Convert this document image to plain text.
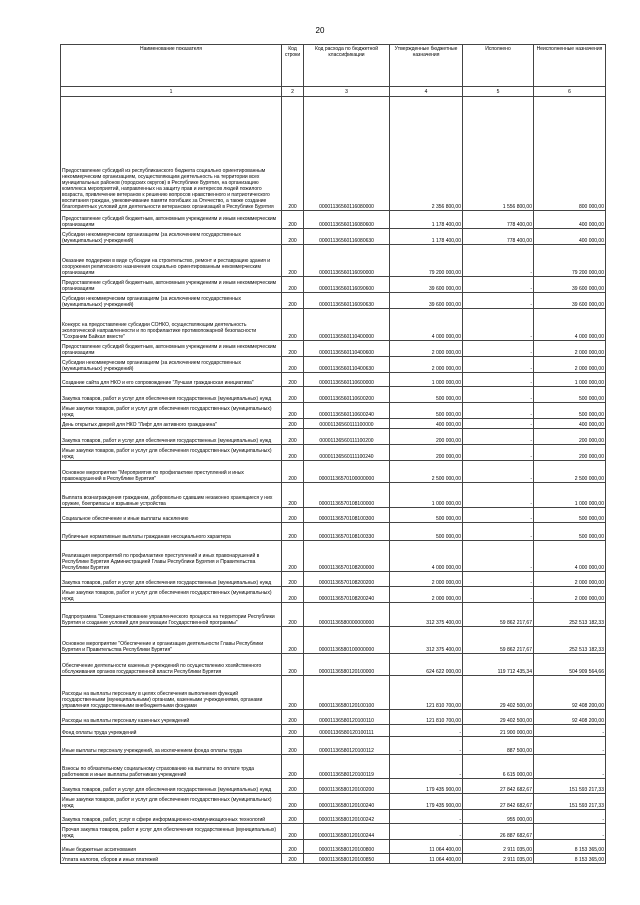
20
Наименование показателя	Код строки	Код расхода по бюджетной классификации	Утвержденные бюджетные назначения	Исполнено	Неисполненные назначения
1	2	3	4	5	6
Предоставление субсидий из республиканского бюджета социально ориентированным некоммерческим организациям, осуществляющим деятельность на территории всех муниципальных районов (городских округов) в Республике Бурятия, на организацию комплекса мероприятий, направленных на защиту прав и интересов людей пожилого возраста, привлечение ветеранов к решению вопросов нравственного и патриотического воспитания граждан, увековечивание памяти погибших за Отечество, а также создание благоприятных условий для деятельности ветеранских организаций в Республике Бурятия	200	00001136560116080000	2 356 800,00	1 556 800,00	800 000,00
Предоставление субсидий бюджетным, автономным учреждениям и иным некоммерческим организациям	200	00001136560116080600	1 178 400,00	778 400,00	400 000,00
Субсидии некоммерческим организациям (за исключением государственных (муниципальных) учреждений)	200	00001136560116080630	1 178 400,00	778 400,00	400 000,00
Оказание поддержки в виде субсидии на строительство, ремонт и реставрацию здания и сооружения религиозного назначения социально ориентированным некоммерческим организациям	200	00001136560116090000	79 200 000,00	-	79 200 000,00
Предоставление субсидий бюджетным, автономным учреждениям и иным некоммерческим организациям	200	00001136560116090600	39 600 000,00	-	39 600 000,00
Субсидии некоммерческим организациям (за исключением государственных (муниципальных) учреждений)	200	00001136560116090630	39 600 000,00	-	39 600 000,00
Конкурс на предоставление субсидии СОНКО, осуществляющим деятельность экологической направленности и по профилактике противопожарной безопасности "Сохраним Байкал вместе"	200	00001136560110400000	4 000 000,00	-	4 000 000,00
Предоставление субсидий бюджетным, автономным учреждениям и иным некоммерческим организациям	200	00001136560110400600	2 000 000,00	-	2 000 000,00
Субсидии некоммерческим организациям (за исключением государственных (муниципальных) учреждений)	200	00001136560110400630	2 000 000,00	-	2 000 000,00
Создание сайта для НКО и его сопровождение "Лучшая гражданская инициатива"	200	00001136560110600000	1 000 000,00	-	1 000 000,00
Закупка товаров, работ и услуг для обеспечения государственных (муниципальных) нужд	200	00001136560110600200	500 000,00	-	500 000,00
Иные закупки товаров, работ и услуг для обеспечения государственных (муниципальных) нужд	200	00001136560110600240	500 000,00	-	500 000,00
День открытых дверей для НКО "Лифт для активного гражданина"	200	00001136560111100000	400 000,00	-	400 000,00
Закупка товаров, работ и услуг для обеспечения государственных (муниципальных) нужд	200	00001136560111100200	200 000,00	-	200 000,00
Иные закупки товаров, работ и услуг для обеспечения государственных (муниципальных) нужд	200	00001136560111100240	200 000,00	-	200 000,00
Основное мероприятие "Мероприятия по профилактике преступлений и иных правонарушений в Республике Бурятия"	200	00001136570100000000	2 500 000,00	-	2 500 000,00
Выплата вознаграждения гражданам, добровольно сдавшим незаконно хранящиеся у них оружие, боеприпасы и взрывные устройства	200	00001136570108100000	1 000 000,00	-	1 000 000,00
Социальное обеспечение и иные выплаты населению	200	00001136570108100300	500 000,00	-	500 000,00
Публичные нормативные выплаты гражданам несоциального характера	200	00001136570108100330	500 000,00	-	500 000,00
Реализация мероприятий по профилактике преступлений и иных правонарушений в Республике Бурятия Администрацией Главы Республики Бурятия и Правительства Республики Бурятия	200	00001136570108200000	4 000 000,00	-	4 000 000,00
Закупка товаров, работ и услуг для обеспечения государственных (муниципальных) нужд	200	00001136570108200200	2 000 000,00	-	2 000 000,00
Иные закупки товаров, работ и услуг для обеспечения государственных (муниципальных) нужд	200	00001136570108200240	2 000 000,00	-	2 000 000,00
Подпрограмма "Совершенствование управленческого процесса на территории Республики Бурятия и создание условий для реализации Государственной программы"	200	00001136580000000000	312 375 400,00	59 862 217,67	252 513 182,33
Основное мероприятие "Обеспечение и организация деятельности Главы Республики Бурятия и Правительства Республики Бурятия"	200	00001136580100000000	312 375 400,00	59 862 217,67	252 513 182,33
Обеспечение деятельности казенных учреждений по осуществлению хозяйственного обслуживания органов государственной власти Республики Бурятия	200	00001136580120100000	624 622 000,00	119 712 435,34	504 909 564,66
Расходы на выплаты персоналу в целях обеспечения выполнения функций государственными (муниципальными) органами, казенными учреждениями, органами управления государственными внебюджетными фондами	200	00001136580120100100	121 810 700,00	29 402 500,00	92 408 200,00
Расходы на выплаты персоналу казенных учреждений	200	00001136580120100110	121 810 700,00	29 402 500,00	92 408 200,00
Фонд оплаты труда учреждений	200	00001136580120100111	-	21 900 000,00	-
Иные выплаты персоналу учреждений, за исключением фонда оплаты труда	200	00001136580120100112	-	887 500,00	-
Взносы по обязательному социальному страхованию на выплаты по оплате труда работников и иные выплаты работникам учреждений	200	00001136580120100119	-	6 615 000,00	-
Закупка товаров, работ и услуг для обеспечения государственных (муниципальных) нужд	200	00001136580120100200	179 435 900,00	27 842 682,67	151 593 217,33
Иные закупки товаров, работ и услуг для обеспечения государственных (муниципальных) нужд	200	00001136580120100240	179 435 900,00	27 842 682,67	151 593 217,33
Закупка товаров, работ, услуг в сфере информационно-коммуникационных технологий	200	00001136580120100242	-	955 000,00	-
Прочая закупка товаров, работ и услуг для обеспечения государственных (муниципальных) нужд	200	00001136580120100244	-	26 887 682,67	-
Иные бюджетные ассигнования	200	00001136580120100800	11 064 400,00	2 911 035,00	8 153 365,00
Уплата налогов, сборов и иных платежей	200	00001136580120100850	11 064 400,00	2 911 035,00	8 153 365,00
